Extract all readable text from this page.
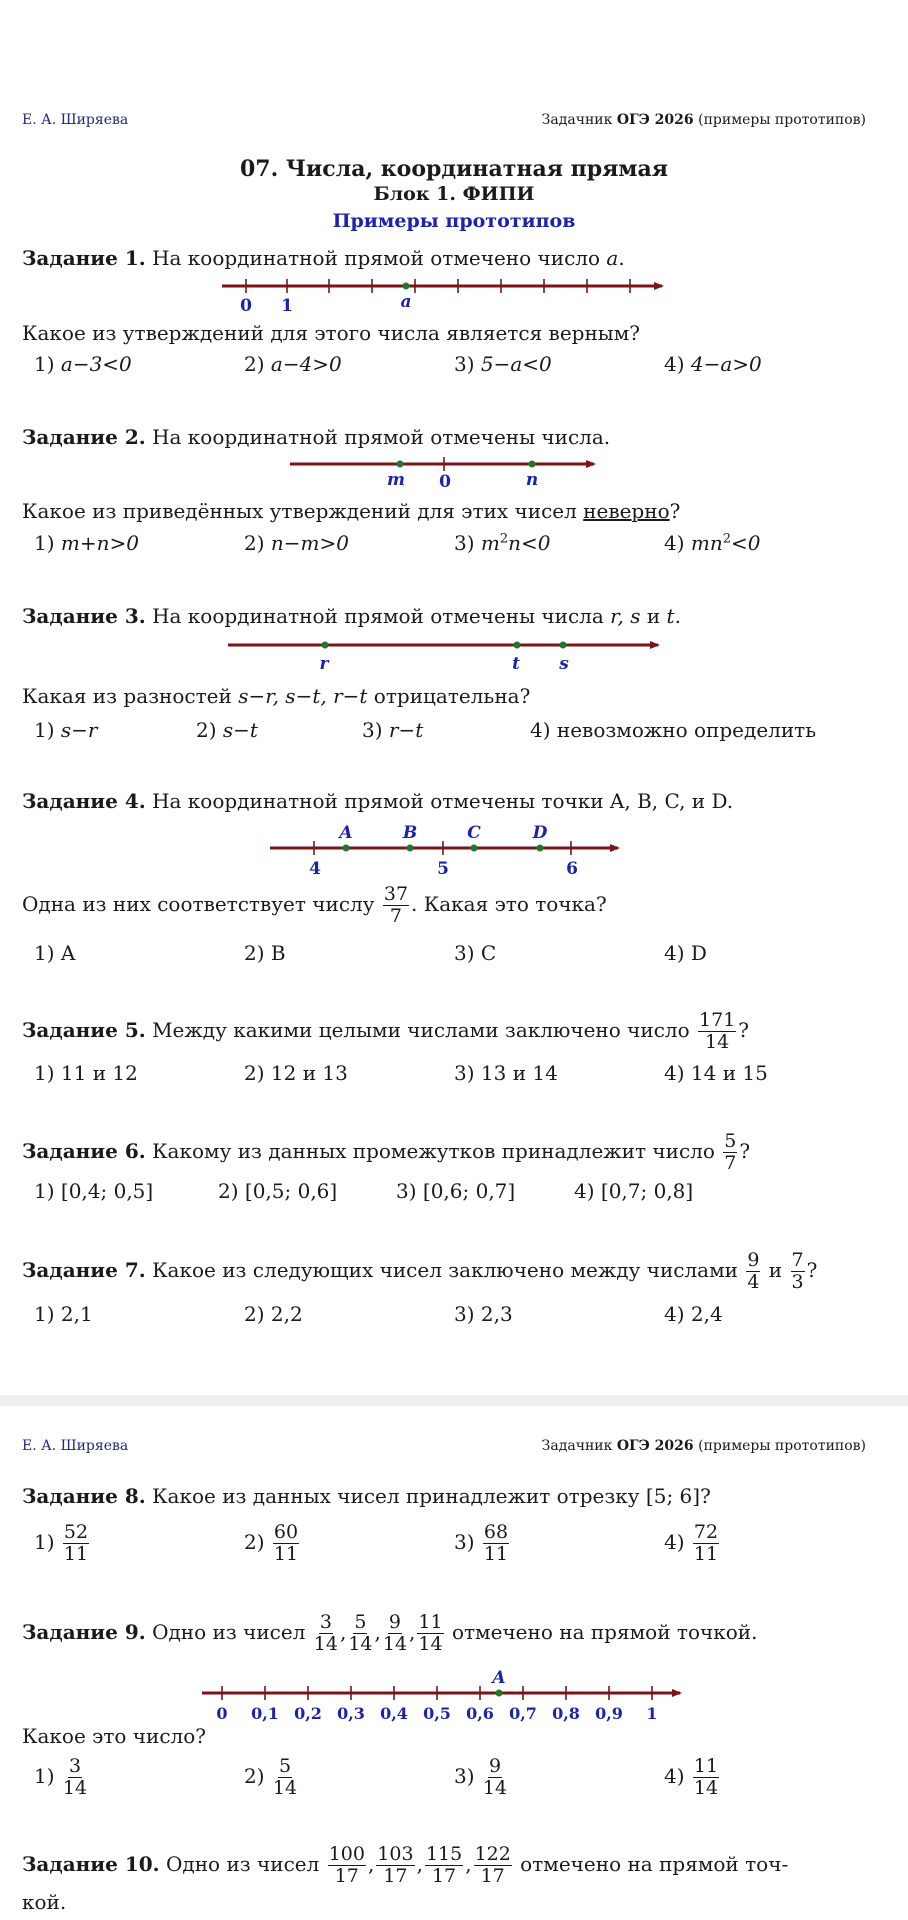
Е. А. Ширяева	Задачник ОГЭ 2026 (примеры прототипов)
07. Числа, координатная прямая
Блок 1. ФИПИ
Примеры прототипов
Задание 1. На координатной прямой отмечено число a.
0 1	a
m 0	n
r	t s
A	B	C	D
4	5	6
Какое из утверждений для этого числа является верным?
1) a−3<0	2) a−4>0	3) 5−a<0	4) 4−a>0
Задание 2. На координатной прямой отмечены числа.
Какое из приведённых утверждений для этих чисел неверно?
1) m+n>0	2) n−m>0	3) $m^2n<0$	4) $mn^2<0$
Задание 3. На координатной прямой отмечены числа r, s и t.
Какая из разностей s−r, s−t, r−t отрицательна?
1) s−r	2) s−t	3) r−t	4) невозможно определить
Задание 4. На координатной прямой отмечены точки A, B, C, и D.
Одна из них соответствует числу $\frac{37}{7}$ . Какая это точка?
1) A	2) B	3) C	4) D
Задание 5. Между какими целыми числами заключено число $\frac{171}{14}$ ?
1) 11 и 12	2) 12 и 13	3) 13 и 14	4) 14 и 15
Задание 6. Какому из данных промежутков принадлежит число $\frac{5}{7}$ ?
1) [0,4; 0,5]	2) [0,5; 0,6]	3) [0,6; 0,7]	4) [0,7; 0,8]
Задание 7. Какое из следующих чисел заключено между числами $\frac{9}{4}$ и $\frac{7}{3}$ ?
1) 2,1	2) 2,2	3) 2,3	4) 2,4
Е. А. Ширяева	Задачник ОГЭ 2026 (примеры прототипов)
Задание 8. Какое из данных чисел принадлежит отрезку [5; 6]?
$1) \frac{52}{11}$	$2) \frac{60}{11}$	$3) \frac{68}{11}$	$4) \frac{72}{11}$
Задание 9. Одно из чисел $\frac{3}{14}$ , $\frac{5}{14}$ , $\frac{9}{14}$ , $\frac{11}{14}$ отмечено на прямой точкой.
0 0,1 0,2 0,3 0,4 0,5 0,6 0,7 0,8 0,9 1
A
Какое это число?
$1) \frac{3}{14}$	$2) \frac{5}{14}$	$3) \frac{9}{14}$	$4) \frac{11}{14}$
Задание 10. Одно из чисел $\frac{100}{17}$ , $\frac{103}{17}$ , $\frac{115}{17}$ , $\frac{122}{17}$ отмечено на прямой точ-
кой.
